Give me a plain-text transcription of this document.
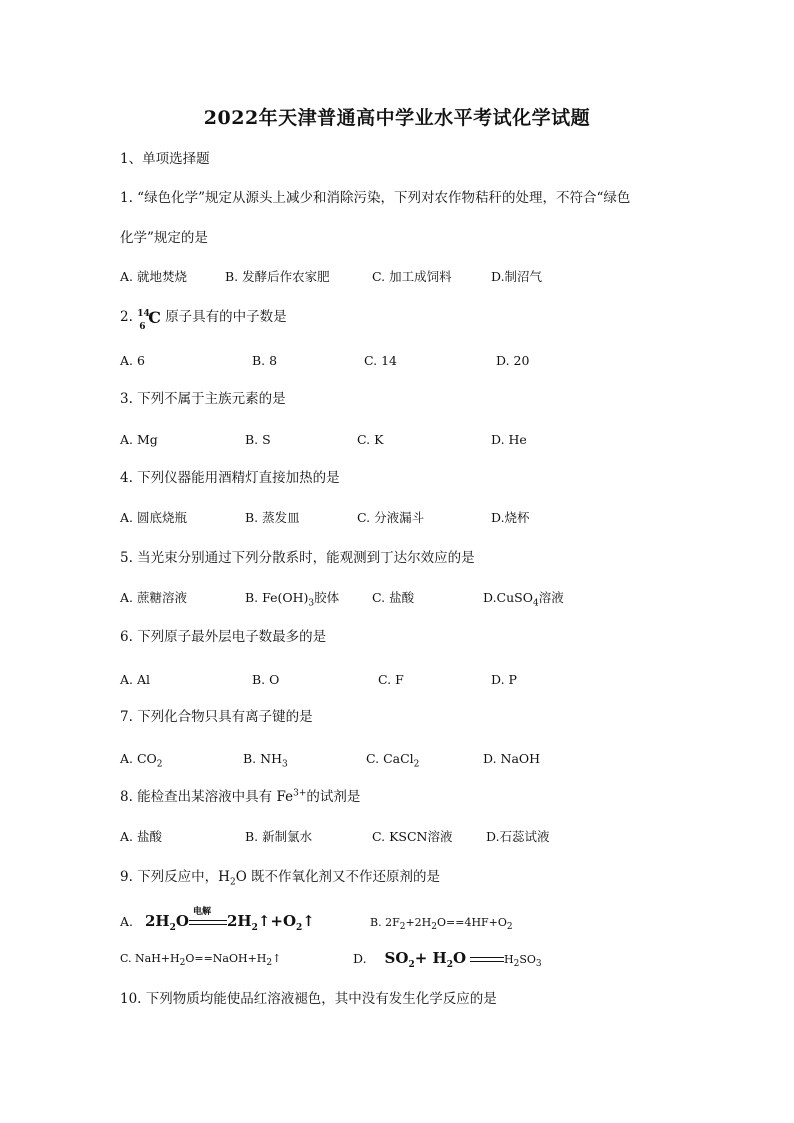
2022年天津普通高中学业水平考试化学试题
1、单项选择题
1. “绿色化学”规定从源头上减少和消除污染，下列对农作物秸秆的处理，不符合“绿色
化学”规定的是
A. 就地焚烧	B. 发酵后作农家肥	C. 加工成饲料	D.制沼气
2. 14
6 C 原子具有的中子数是
A. 6	B. 8	C. 14	D. 20
3. 下列不属于主族元素的是
A. Mg	B. S	C. K	D. He
4. 下列仪器能用酒精灯直接加热的是
A. 圆底烧瓶	B. 蒸发皿	C. 分液漏斗	D.烧杯
5. 当光束分别通过下列分散系时，能观测到丁达尔效应的是
A. 蔗糖溶液	B. $Fe(OH)_3$胶体	C. 盐酸	D.CuSO$_4$溶液
6. 下列原子最外层电子数最多的是
A. Al	B. O	C. F	D. P
7. 下列化合物只具有离子键的是
A. $CO_2$	B. $NH_3$	C. CaCl$_2$	D. NaOH
8. 能检查出某溶液中具有 $Fe^{3+}$的试剂是
A. 盐酸	B. 新制氯水	C. KSCN溶液	D.石蕊试液
9. 下列反应中，$H_2O$ 既不作氧化剂又不作还原剂的是
A. $2H_2O$
电解
$2H_2↑+O_2↑$	B. $2F_2+2H_2O==4HF+O_2$
C. $NaH+H_2O==NaOH+H_2↑$	D. $SO_2+ H_2O$	$H_2SO_3$
10. 下列物质均能使品红溶液褪色，其中没有发生化学反应的是
